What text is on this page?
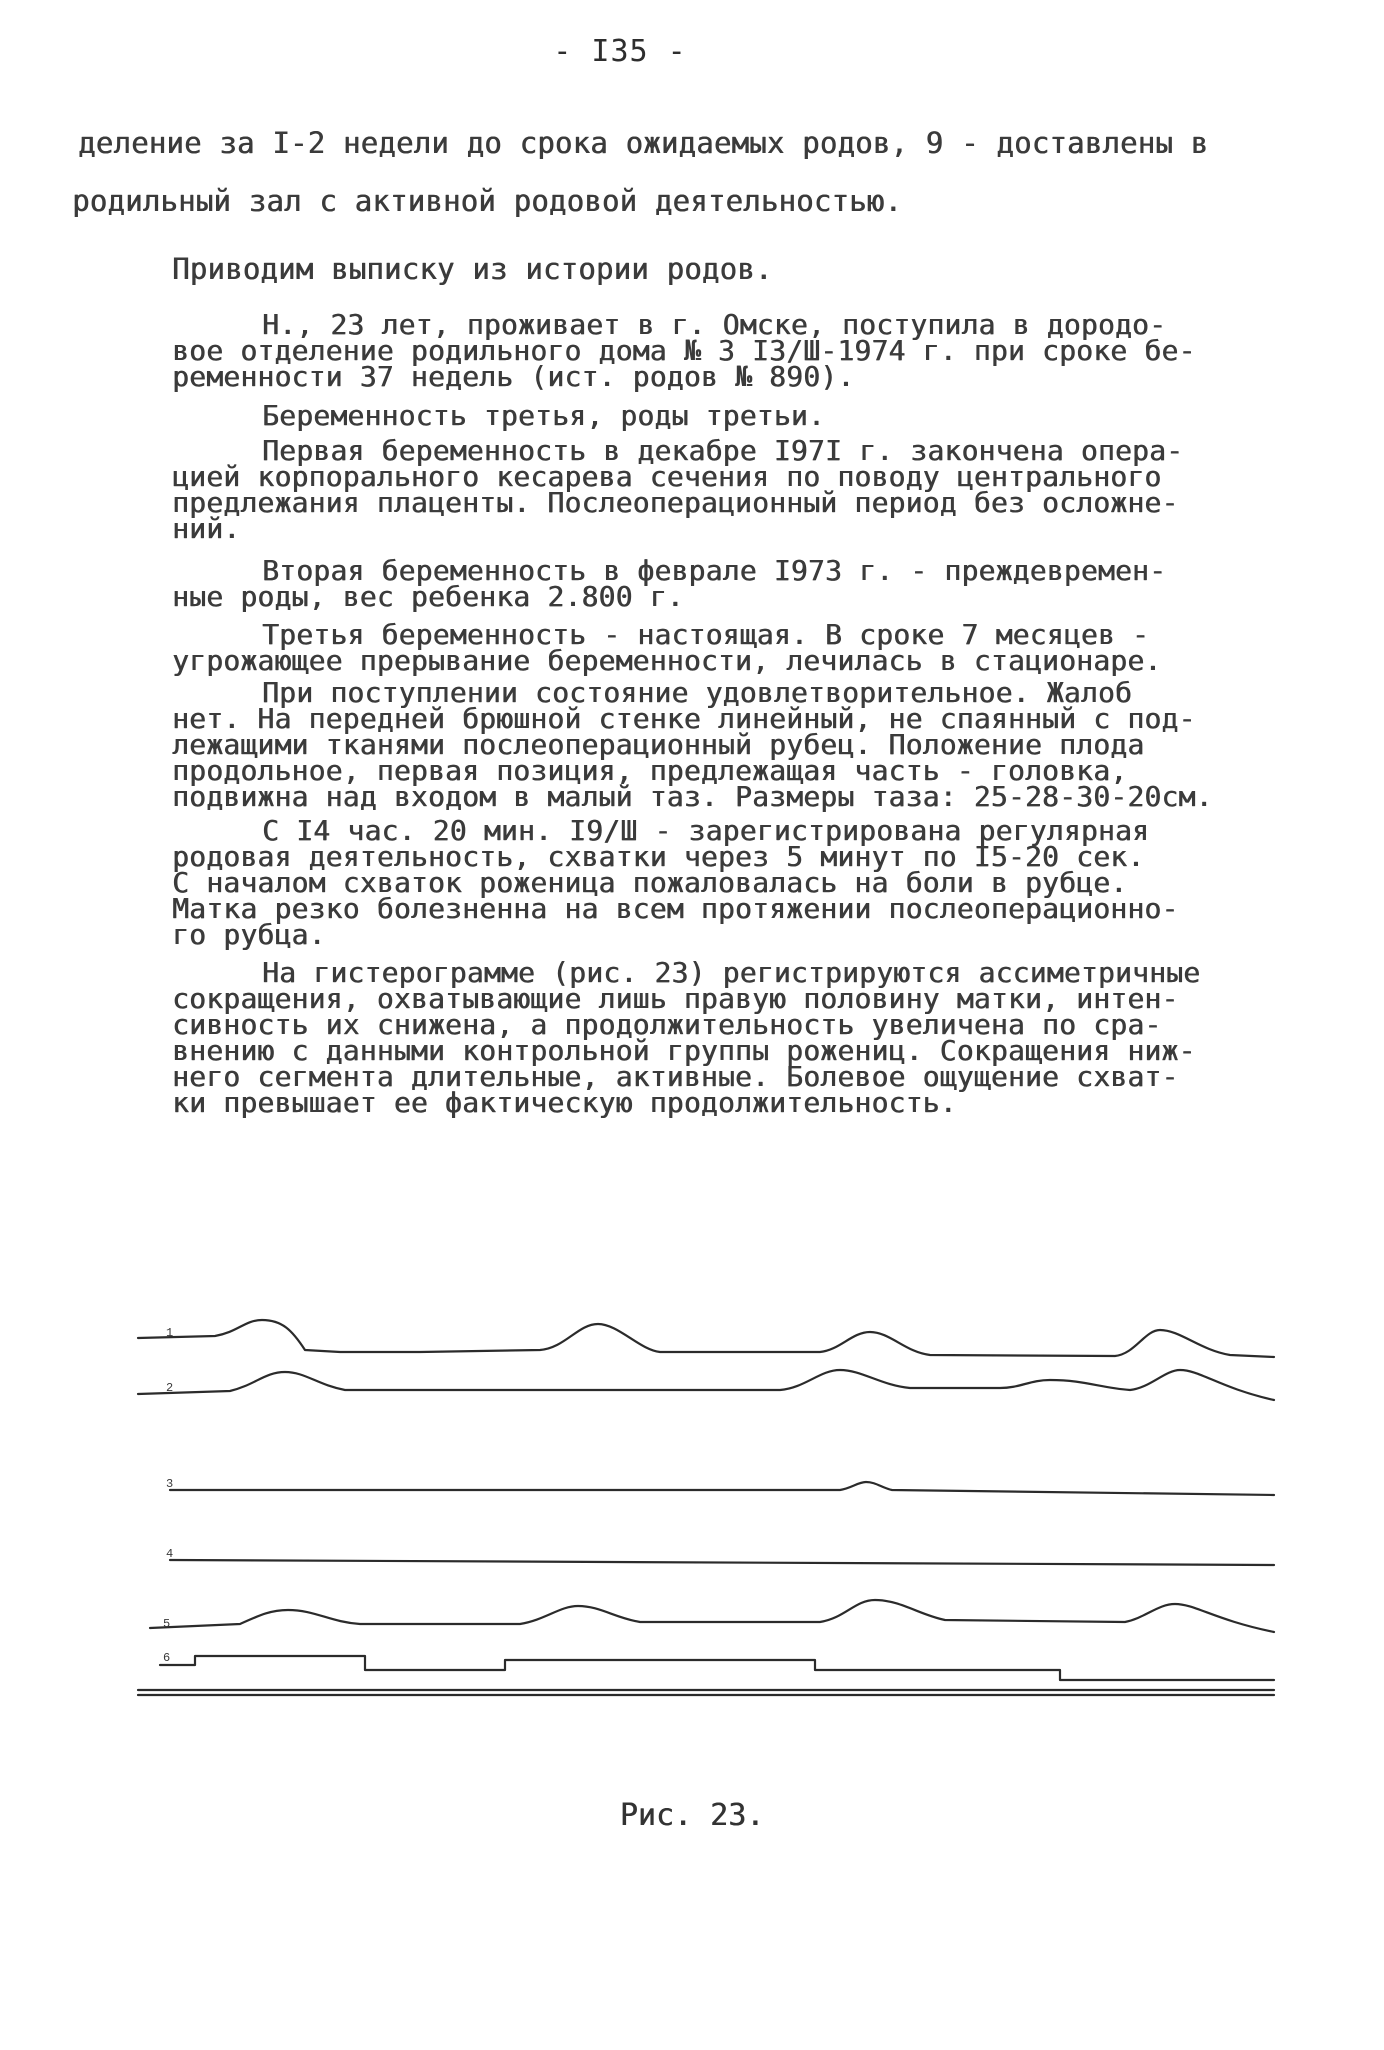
- I35 -
деление за I-2 недели до срока ожидаемых родов, 9 - доставлены в
родильный зал с активной родовой деятельностью.
Приводим выписку из истории родов.
Н., 23 лет, проживает в г. Омске, поступила в дородо-
вое отделение родильного дома № 3 I3/Ш-1974 г. при сроке бе-
ременности 37 недель (ист. родов № 890).
Беременность третья, роды третьи.
Первая беременность в декабре I97I г. закончена опера-
цией корпорального кесарева сечения по поводу центрального
предлежания плаценты. Послеоперационный период без осложне-
ний.
Вторая беременность в феврале I973 г. - преждевремен-
ные роды, вес ребенка 2.800 г.
Третья беременность - настоящая. В сроке 7 месяцев -
угрожающее прерывание беременности, лечилась в стационаре.
При поступлении состояние удовлетворительное. Жалоб
нет. На передней брюшной стенке линейный, не спаянный с под-
лежащими тканями послеоперационный рубец. Положение плода
продольное, первая позиция, предлежащая часть - головка,
подвижна над входом в малый таз. Размеры таза: 25-28-30-20см.
С I4 час. 20 мин. I9/Ш - зарегистрирована регулярная
родовая деятельность, схватки через 5 минут по I5-20 сек.
С началом схваток роженица пожаловалась на боли в рубце.
Матка резко болезненна на всем протяжении послеоперационно-
го рубца.
На гистерограмме (рис. 23) регистрируются ассиметричные
сокращения, охватывающие лишь правую половину матки, интен-
сивность их снижена, а продолжительность увеличена по сра-
внению с данными контрольной группы рожениц. Сокращения ниж-
него сегмента длительные, активные. Болевое ощущение схват-
ки превышает ее фактическую продолжительность.
1
2
3
4
5
6
Рис. 23.
